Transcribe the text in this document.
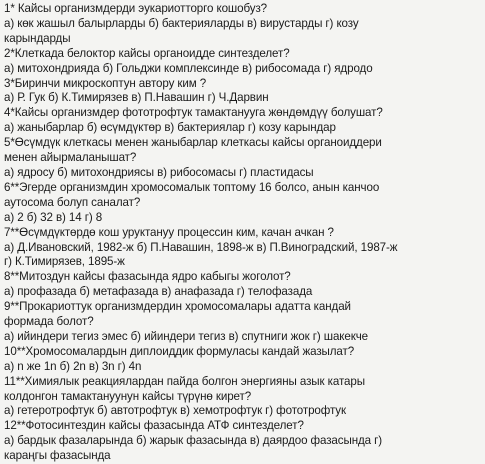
1* Кайсы организмдерди эукариотторго кошобуз?
а) көк жашыл балырларды б) бактерияларды в) вирустарды г) козу
карындарды
2*Клеткада белоктор кайсы органоидде синтезделет?
а) митохондрияда б) Гольджи комплексинде в) рибосомада г) ядродо
3*Биринчи микроскоптун автору ким ?
а) Р. Гук б) К.Тимирязев в) П.Навашин г) Ч.Дарвин
4*Кайсы организмдер фототрофтук тамактанууга жөндөмдүү болушат?
а) жаныбарлар б) өсүмдүктөр в) бактериялар г) козу карындар
5*Өсүмдүк клеткасы менен жаныбарлар клеткасы кайсы органоиддери
менен айырмаланышат?
а) ядросу б) митохондриясы в) рибосомасы г) пластидасы
6**Эгерде организмдин хромосомалык топтому 16 болсо, анын канчоо
аутосома болуп саналат?
а) 2 б) 32 в) 14 г) 8
7**Өсүмдүктөрдө кош уруктануу процессин ким, качан ачкан ?
а) Д.Ивановский, 1982-ж б) П.Навашин, 1898-ж в) П.Виноградский, 1987-ж
г) К.Тимирязев, 1895-ж
8**Митоздун кайсы фазасында ядро кабыгы жоголот?
а) профазада б) метафазада в) анафазада г) телофазада
9**Прокариоттук организмдердин хромосомалары адатта кандай
формада болот?
а) ийиндери тегиз эмес б) ийиндери тегиз в) спутниги жок г) шакекче
10**Хромосомалардын диплоиддик формуласы кандай жазылат?
а) n же 1n б) 2n в) 3n г) 4n
11**Химиялык реакциялардан пайда болгон энергияны азык катары
колдонгон тамактануунун кайсы түрүнө кирет?
а) гетеротрофтук б) автотрофтук в) хемотрофтук г) фототрофтук
12**Фотосинтездин кайсы фазасында АТФ синтезделет?
а) бардык фазаларында б) жарык фазасында в) даярдоо фазасында г)
караңгы фазасында
